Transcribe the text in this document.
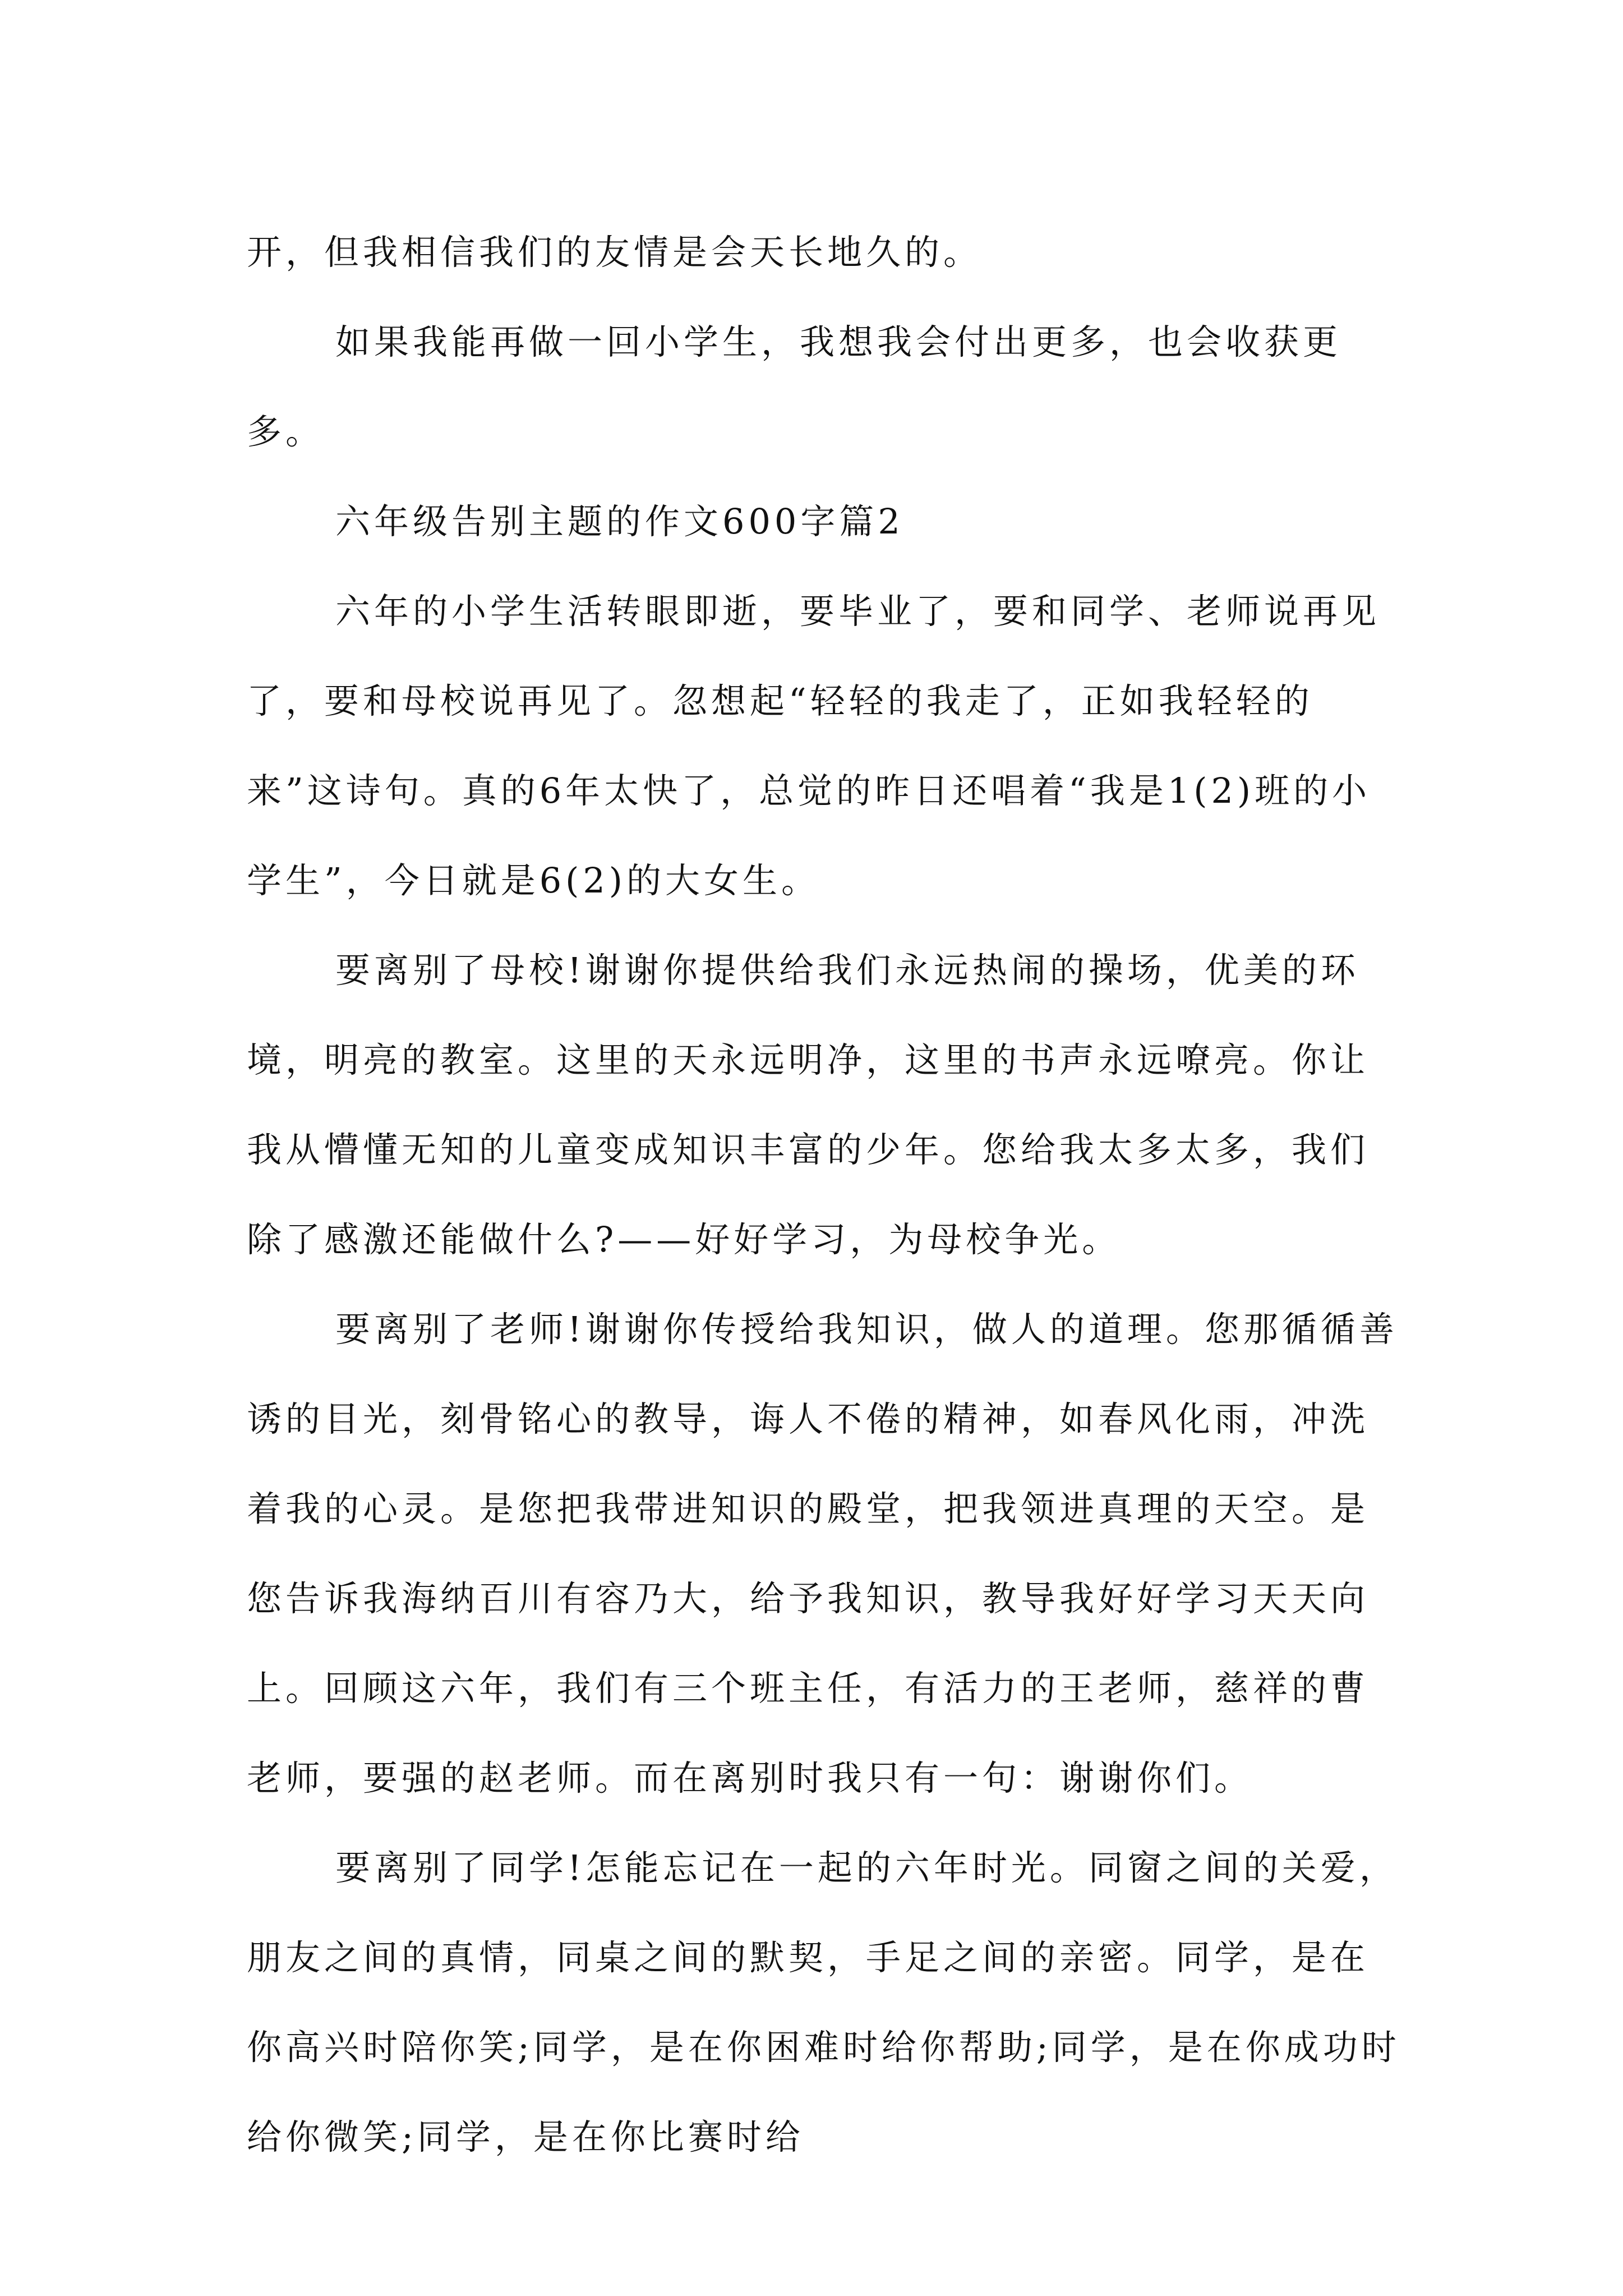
开，但我相信我们的友情是会天长地久的。

如果我能再做一回小学生，我想我会付出更多，也会收获更多。

六年级告别主题的作文600字篇2

六年的小学生活转眼即逝，要毕业了，要和同学、老师说再见了，要和母校说再见了。忽想起“轻轻的我走了，正如我轻轻的来”这诗句。真的6年太快了，总觉的昨日还唱着“我是1(2)班的小学生”，今日就是6(2)的大女生。

要离别了母校!谢谢你提供给我们永远热闹的操场，优美的环境，明亮的教室。这里的天永远明净，这里的书声永远嘹亮。你让我从懵懂无知的儿童变成知识丰富的少年。您给我太多太多，我们除了感激还能做什么?——好好学习，为母校争光。

要离别了老师!谢谢你传授给我知识，做人的道理。您那循循善诱的目光，刻骨铭心的教导，诲人不倦的精神，如春风化雨，冲洗着我的心灵。是您把我带进知识的殿堂，把我领进真理的天空。是您告诉我海纳百川有容乃大，给予我知识，教导我好好学习天天向上。回顾这六年，我们有三个班主任，有活力的王老师，慈祥的曹老师，要强的赵老师。而在离别时我只有一句：谢谢你们。

要离别了同学!怎能忘记在一起的六年时光。同窗之间的关爱，朋友之间的真情，同桌之间的默契，手足之间的亲密。同学，是在你高兴时陪你笑;同学，是在你困难时给你帮助;同学，是在你成功时给你微笑;同学，是在你比赛时给
